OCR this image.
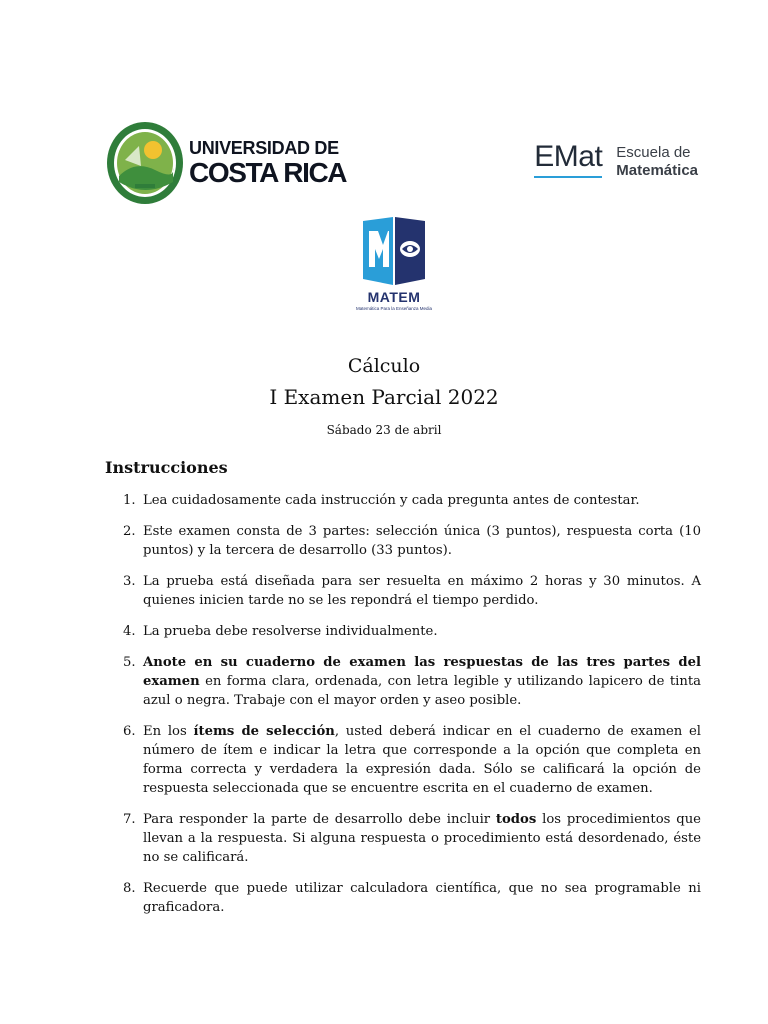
UNIVERSIDAD DE
COSTA RICA	EMat Escuela de
Matemática
MATEM
Matemática Para la Enseñanza Media
Cálculo
I Examen Parcial 2022
Sábado 23 de abril
Instrucciones
1. Lea cuidadosamente cada instrucción y cada pregunta antes de contestar.
2. Este examen consta de 3 partes: selección única (3 puntos), respuesta corta (10 puntos) y la tercera de desarrollo (33 puntos).
3. La prueba está diseñada para ser resuelta en máximo 2 horas y 30 minutos. A quienes inicien tarde no se les repondrá el tiempo perdido.
4. La prueba debe resolverse individualmente.
5. Anote en su cuaderno de examen las respuestas de las tres partes del examen en forma clara, ordenada, con letra legible y utilizando lapicero de tinta azul o negra. Trabaje con el mayor orden y aseo posible.
6. En los ítems de selección, usted deberá indicar en el cuaderno de examen el número de ítem e indicar la letra que corresponde a la opción que completa en forma correcta y verdadera la expresión dada. Sólo se calificará la opción de respuesta seleccionada que se encuentre escrita en el cuaderno de examen.
7. Para responder la parte de desarrollo debe incluir todos los procedimientos que llevan a la respuesta. Si alguna respuesta o procedimiento está desordenado, éste no se calificará.
8. Recuerde que puede utilizar calculadora científica, que no sea programable ni graficadora.
